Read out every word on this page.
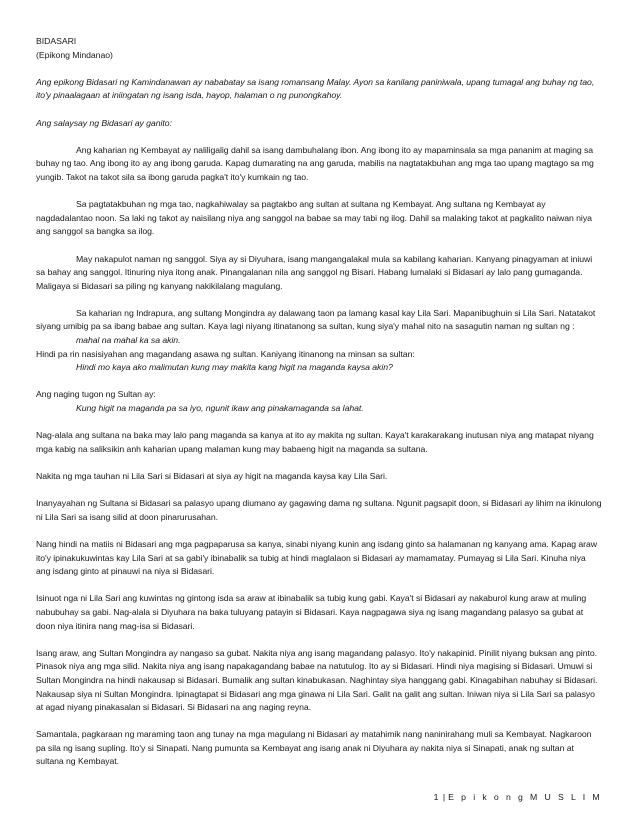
BIDASARI

(Epikong Mindanao)

Ang epikong Bidasari ng Kamindanawan ay nababatay sa isang romansang Malay. Ayon sa kanilang paniniwala, upang tumagal ang buhay ng tao, ito'y pinaalagaan at iniingatan ng isang isda, hayop, halaman o ng punongkahoy.

Ang salaysay ng Bidasari ay ganito:

Ang kaharian ng Kembayat ay naliligalig dahil sa isang dambuhalang ibon. Ang ibong ito ay mapaminsala sa mga pananim at maging sa buhay ng tao. Ang ibong ito ay ang ibong garuda. Kapag dumarating na ang garuda, mabilis na nagtatakbuhan ang mga tao upang magtago sa mg yungib. Takot na takot sila sa ibong garuda pagka't ito'y kumkain ng tao.

Sa pagtatakbuhan ng mga tao, nagkahiwalay sa pagtakbo ang sultan at sultana ng Kembayat. Ang sultana ng Kembayat ay nagdadalantao noon. Sa laki ng takot ay naisilang niya ang sanggol na babae sa may tabi ng ilog. Dahil sa malaking takot at pagkalito naiwan niya ang sanggol sa bangka sa ilog.

May nakapulot naman ng sanggol. Siya ay si Diyuhara, isang mangangalakal mula sa kabilang kaharian. Kanyang pinagyaman at iniuwi sa bahay ang sanggol. Itinuring niya itong anak. Pinangalanan nila ang sanggol ng Bisari. Habang lumalaki si Bidasari ay lalo pang gumaganda. Maligaya si Bidasari sa piling ng kanyang nakikilalang magulang.

Sa kaharian ng Indrapura, ang sultang Mongindra ay dalawang taon pa lamang kasal kay Lila Sari. Mapanibughuin si Lila Sari. Natatakot siyang umibig pa sa ibang babae ang sultan. Kaya lagi niyang itinatanong sa sultan, kung siya'y mahal nito na sasagutin naman ng sultan ng :

mahal na mahal ka sa akin.

Hindi pa rin nasisiyahan ang magandang asawa ng sultan. Kaniyang itinanong na minsan sa sultan:

Hindi mo kaya ako malimutan kung may makita kang higit na maganda kaysa akin?

Ang naging tugon ng Sultan ay:

Kung higit na maganda pa sa iyo, ngunit ikaw ang pinakamaganda sa lahat.

Nag-alala ang sultana na baka may lalo pang maganda sa kanya at ito ay makita ng sultan. Kaya't karakarakang inutusan niya ang matapat niyang mga kabig na saliksikin anh kaharian upang malaman kung may babaeng higit na maganda sa sultana.

Nakita ng mga tauhan ni Lila Sari si Bidasari at siya ay higit na maganda kaysa kay Lila Sari.

Inanyayahan ng Sultana si Bidasari sa palasyo upang diumano ay gagawing dama ng sultana. Ngunit pagsapit doon, si Bidasari ay lihim na ikinulong ni Lila Sari sa isang silid at doon pinarurusahan.

Nang hindi na matiis ni Bidasari ang mga pagpaparusa sa kanya, sinabi niyang kunin ang isdang ginto sa halamanan ng kanyang ama. Kapag araw ito'y ipinakukuwintas kay Lila Sari at sa gabi'y ibinabalik sa tubig at hindi maglalaon si Bidasari ay mamamatay. Pumayag si Lila Sari. Kinuha niya ang isdang ginto at pinauwi na niya si Bidasari.

Isinuot nga ni Lila Sari ang kuwintas ng gintong isda sa araw at ibinabalik sa tubig kung gabi. Kaya't si Bidasari ay nakaburol kung araw at muling nabubuhay sa gabi. Nag-alala si Diyuhara na baka tuluyang patayin si Bidasari. Kaya nagpagawa siya ng isang magandang palasyo sa gubat at doon niya itinira nang mag-isa si Bidasari.

Isang araw, ang Sultan Mongindra ay nangaso sa gubat. Nakita niya ang isang magandang palasyo. Ito'y nakapinid. Pinilit niyang buksan ang pinto. Pinasok niya ang mga silid. Nakita niya ang isang napakagandang babae na natutulog. Ito ay si Bidasari. Hindi niya magising si Bidasari. Umuwi si Sultan Mongindra na hindi nakausap si Bidasari. Bumalik ang sultan kinabukasan. Naghintay siya hanggang gabi. Kinagabihan nabuhay si Bidasari. Nakausap siya ni Sultan Mongindra. Ipinagtapat si Bidasari ang mga ginawa ni Lila Sari. Galit na galit ang sultan. Iniwan niya si Lila Sari sa palasyo at agad niyang pinakasalan si Bidasari. Si Bidasari na ang naging reyna.

Samantala, pagkaraan ng maraming taon ang tunay na mga magulang ni Bidasari ay matahimik nang naninirahang muli sa Kembayat. Nagkaroon pa sila ng isang supling. Ito'y si Sinapati. Nang pumunta sa Kembayat ang isang anak ni Diyuhara ay nakita niya si Sinapati, anak ng sultan at sultana ng Kembayat.

1 | E p i k o n g M U S L I M
